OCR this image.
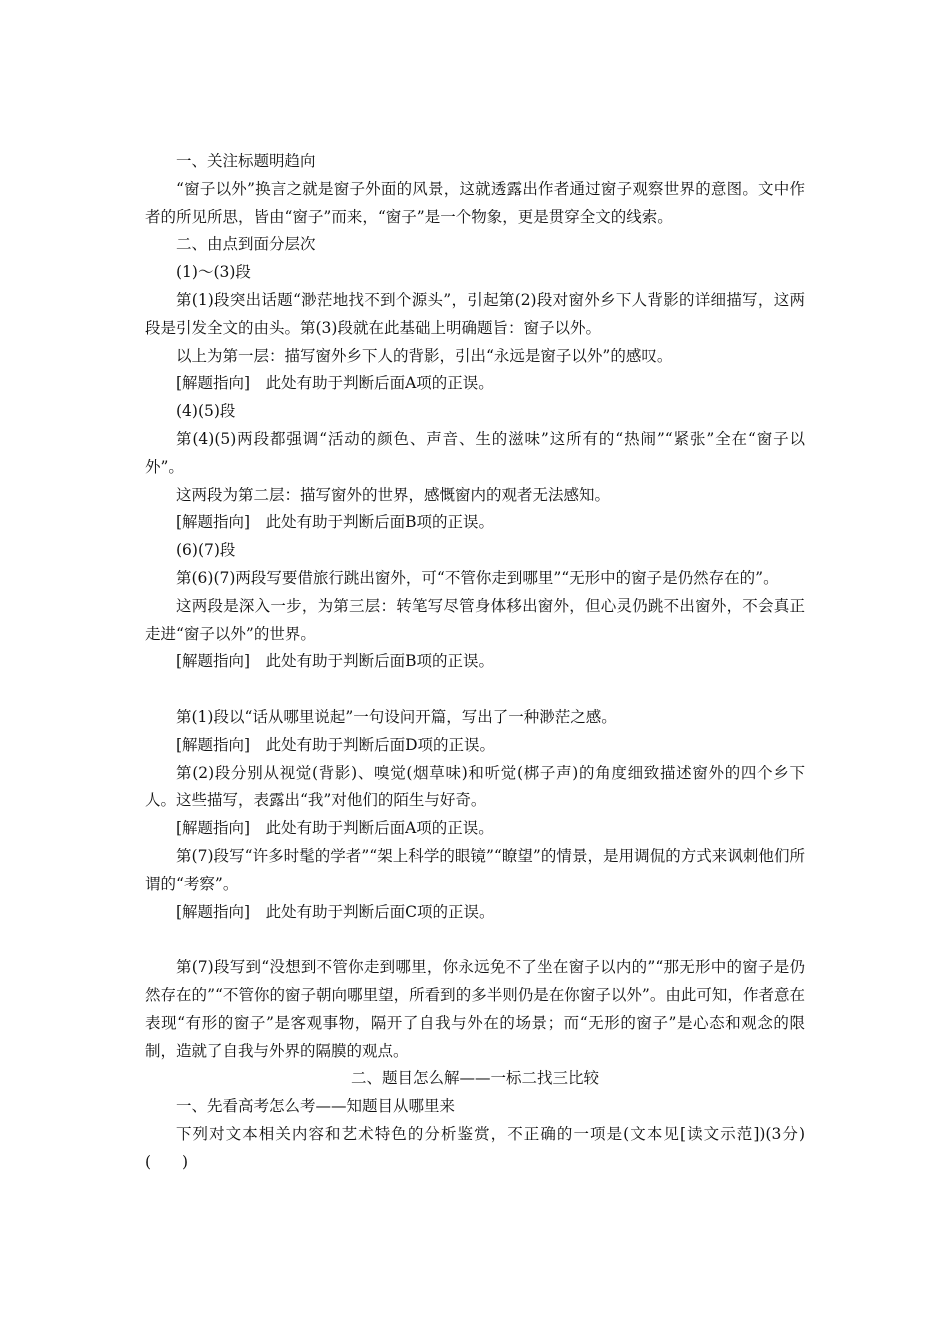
一、关注标题明趋向

“窗子以外”换言之就是窗子外面的风景，这就透露出作者通过窗子观察世界的意图。文中作者的所见所思，皆由“窗子”而来，“窗子”是一个物象，更是贯穿全文的线索。

二、由点到面分层次

(1)～(3)段

第(1)段突出话题“渺茫地找不到个源头”，引起第(2)段对窗外乡下人背影的详细描写，这两段是引发全文的由头。第(3)段就在此基础上明确题旨：窗子以外。

以上为第一层：描写窗外乡下人的背影，引出“永远是窗子以外”的感叹。

[解题指向]　此处有助于判断后面A项的正误。

(4)(5)段

第(4)(5)两段都强调“活动的颜色、声音、生的滋味”这所有的“热闹”“紧张”全在“窗子以外”。

这两段为第二层：描写窗外的世界，感慨窗内的观者无法感知。

[解题指向]　此处有助于判断后面B项的正误。

(6)(7)段

第(6)(7)两段写要借旅行跳出窗外，可“不管你走到哪里”“无形中的窗子是仍然存在的”。

这两段是深入一步，为第三层：转笔写尽管身体移出窗外，但心灵仍跳不出窗外，不会真正走进“窗子以外”的世界。

[解题指向]　此处有助于判断后面B项的正误。

第(1)段以“话从哪里说起”一句设问开篇，写出了一种渺茫之感。

[解题指向]　此处有助于判断后面D项的正误。

第(2)段分别从视觉(背影)、嗅觉(烟草味)和听觉(梆子声)的角度细致描述窗外的四个乡下人。这些描写，表露出“我”对他们的陌生与好奇。

[解题指向]　此处有助于判断后面A项的正误。

第(7)段写“许多时髦的学者”“架上科学的眼镜”“瞭望”的情景，是用调侃的方式来讽刺他们所谓的“考察”。

[解题指向]　此处有助于判断后面C项的正误。

第(7)段写到“没想到不管你走到哪里，你永远免不了坐在窗子以内的”“那无形中的窗子是仍然存在的”“不管你的窗子朝向哪里望，所看到的多半则仍是在你窗子以外”。由此可知，作者意在表现“有形的窗子”是客观事物，隔开了自我与外在的场景；而“无形的窗子”是心态和观念的限制，造就了自我与外界的隔膜的观点。

二、题目怎么解——一标二找三比较

一、先看高考怎么考——知题目从哪里来

下列对文本相关内容和艺术特色的分析鉴赏，不正确的一项是(文本见[读文示范])(3分)(　　)
